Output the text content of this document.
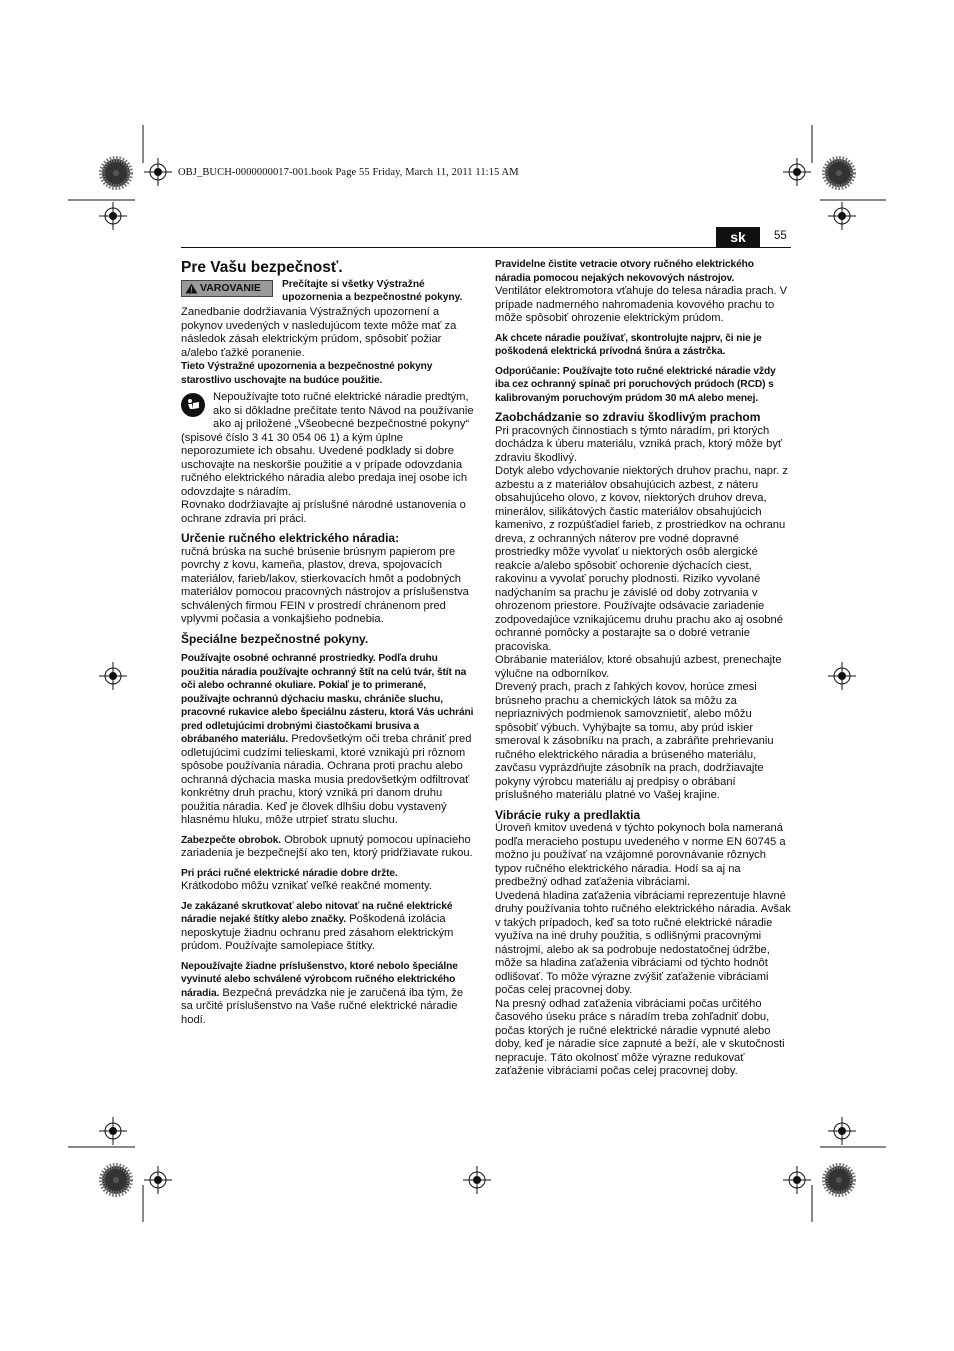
OBJ_BUCH-0000000017-001.book Page 55 Friday, March 11, 2011 11:15 AM
sk	55

Pre Vašu bezpečnosť.

VAROVANIE Prečítajte si všetky Výstražné upozornenia a bezpečnostné pokyny.

Zanedbanie dodržiavania Výstražných upozornení a pokynov uvedených v nasledujúcom texte môže mať za následok zásah elektrickým prúdom, spôsobiť požiar a/alebo ťažké poranenie.

Tieto Výstražné upozornenia a bezpečnostné pokyny starostlivo uschovajte na budúce použitie.

Nepoužívajte toto ručné elektrické náradie predtým, ako si dôkladne prečítate tento Návod na používanie ako aj priložené „Všeobecné bezpečnostné pokyny“ (spisové číslo 3 41 30 054 06 1) a kým úplne neporozumiete ich obsahu. Uvedené podklady si dobre uschovajte na neskoršie použitie a v prípade odovzdania ručného elektrického náradia alebo predaja inej osobe ich odovzdajte s náradím.

Rovnako dodržiavajte aj príslušné národné ustanovenia o ochrane zdravia pri práci.

Určenie ručného elektrického náradia:

ručná brúska na suché brúsenie brúsnym papierom pre povrchy z kovu, kameňa, plastov, dreva, spojovacích materiálov, farieb/lakov, stierkovacích hmôt a podobných materiálov pomocou pracovných nástrojov a príslušenstva schválených firmou FEIN v prostredí chránenom pred vplyvmi počasia a vonkajšieho podnebia.

Špeciálne bezpečnostné pokyny.

Používajte osobné ochranné prostriedky. Podľa druhu použitia náradia používajte ochranný štít na celú tvár, štít na oči alebo ochranné okuliare. Pokiaľ je to primerané, používajte ochrannú dýchaciu masku, chrániče sluchu, pracovné rukavice alebo špeciálnu zásteru, ktorá Vás uchráni pred odletujúcimi drobnými čiastočkami brusiva a obrábaného materiálu. Predovšetkým oči treba chrániť pred odletujúcimi cudzími telieskami, ktoré vznikajú pri rôznom spôsobe používania náradia. Ochrana proti prachu alebo ochranná dýchacia maska musia predovšetkým odfiltrovať konkrétny druh prachu, ktorý vzniká pri danom druhu použitia náradia. Keď je človek dlhšiu dobu vystavený hlasnému hluku, môže utrpieť stratu sluchu.

Zabezpečte obrobok. Obrobok upnutý pomocou upínacieho zariadenia je bezpečnejší ako ten, ktorý pridŕžiavate rukou.

Pri práci ručné elektrické náradie dobre držte.

Krátkodobo môžu vznikať veľké reakčné momenty.

Je zakázané skrutkovať alebo nitovať na ručné elektrické náradie nejaké štítky alebo značky. Poškodená izolácia neposkytuje žiadnu ochranu pred zásahom elektrickým prúdom. Používajte samolepiace štítky.

Nepoužívajte žiadne príslušenstvo, ktoré nebolo špeciálne vyvinuté alebo schválené výrobcom ručného elektrického náradia. Bezpečná prevádzka nie je zaručená iba tým, že sa určité príslušenstvo na Vaše ručné elektrické náradie hodí.

Pravidelne čistite vetracie otvory ručného elektrického náradia pomocou nejakých nekovových nástrojov.

Ventilátor elektromotora vťahuje do telesa náradia prach. V prípade nadmerného nahromadenia kovového prachu to môže spôsobiť ohrozenie elektrickým prúdom.

Ak chcete náradie používať, skontrolujte najprv, či nie je poškodená elektrická prívodná šnúra a zástrčka.

Odporúčanie: Používajte toto ručné elektrické náradie vždy iba cez ochranný spínač pri poruchových prúdoch (RCD) s kalibrovaným poruchovým prúdom 30 mA alebo menej.

Zaobchádzanie so zdraviu škodlivým prachom

Pri pracovných činnostiach s týmto náradím, pri ktorých dochádza k úberu materiálu, vzniká prach, ktorý môže byť zdraviu škodlivý.

Dotyk alebo vdychovanie niektorých druhov prachu, napr. z azbestu a z materiálov obsahujúcich azbest, z náteru obsahujúceho olovo, z kovov, niektorých druhov dreva, minerálov, silikátových častíc materiálov obsahujúcich kamenivo, z rozpúšťadiel farieb, z prostriedkov na ochranu dreva, z ochranných náterov pre vodné dopravné prostriedky môže vyvolať u niektorých osôb alergické reakcie a/alebo spôsobiť ochorenie dýchacích ciest, rakovinu a vyvolať poruchy plodnosti. Riziko vyvolané nadýchaním sa prachu je závislé od doby zotrvania v ohrozenom priestore. Používajte odsávacie zariadenie zodpovedajúce vznikajúcemu druhu prachu ako aj osobné ochranné pomôcky a postarajte sa o dobré vetranie pracoviska.

Obrábanie materiálov, ktoré obsahujú azbest, prenechajte výlučne na odborníkov.

Drevený prach, prach z ľahkých kovov, horúce zmesi brúsneho prachu a chemických látok sa môžu za nepriaznivých podmienok samovznietiť, alebo môžu spôsobiť výbuch. Vyhýbajte sa tomu, aby prúd iskier smeroval k zásobníku na prach, a zabráňte prehrievaniu ručného elektrického náradia a brúseného materiálu, zavčasu vyprázdňujte zásobník na prach, dodržiavajte pokyny výrobcu materiálu aj predpisy o obrábaní príslušného materiálu platné vo Vašej krajine.

Vibrácie ruky a predlaktia

Úroveň kmitov uvedená v týchto pokynoch bola nameraná podľa meracieho postupu uvedeného v norme EN 60745 a možno ju používať na vzájomné porovnávanie rôznych typov ručného elektrického náradia. Hodí sa aj na predbežný odhad zaťaženia vibráciami.

Uvedená hladina zaťaženia vibráciami reprezentuje hlavné druhy používania tohto ručného elektrického náradia. Avšak v takých prípadoch, keď sa toto ručné elektrické náradie využíva na iné druhy použitia, s odlišnými pracovnými nástrojmi, alebo ak sa podrobuje nedostatočnej údržbe, môže sa hladina zaťaženia vibráciami od týchto hodnôt odlišovať. To môže výrazne zvýšiť zaťaženie vibráciami počas celej pracovnej doby.

Na presný odhad zaťaženia vibráciami počas určitého časového úseku práce s náradím treba zohľadniť dobu, počas ktorých je ručné elektrické náradie vypnuté alebo doby, keď je náradie síce zapnuté a beží, ale v skutočnosti nepracuje. Táto okolnosť môže výrazne redukovať zaťaženie vibráciami počas celej pracovnej doby.
